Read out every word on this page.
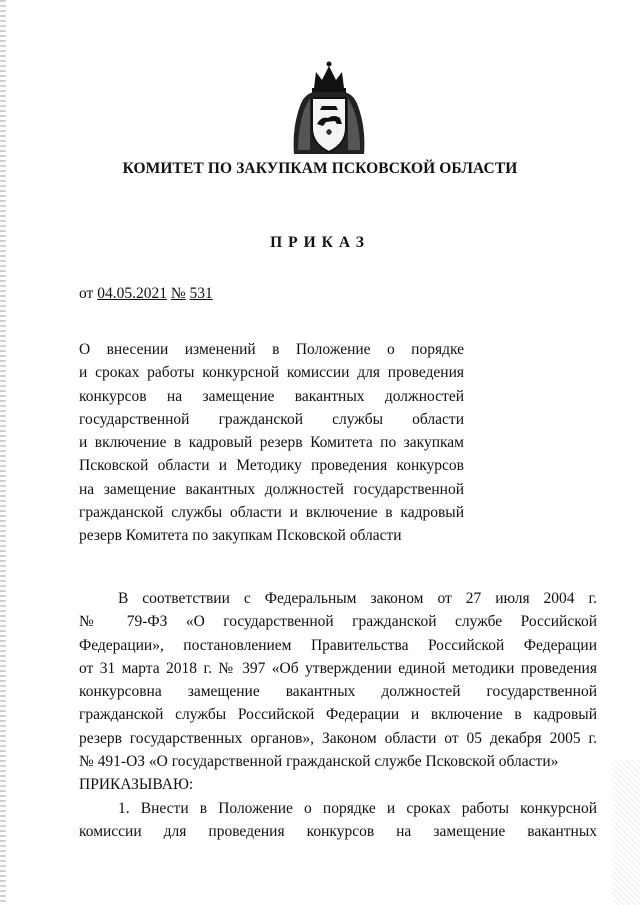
КОМИТЕТ ПО ЗАКУПКАМ ПСКОВСКОЙ ОБЛАСТИ
ПРИКАЗ
от 04.05.2021 № 531
О внесении изменений в Положение о порядке
и сроках работы конкурсной комиссии для проведения
конкурсов на замещение вакантных должностей
государственной гражданской службы области
и включение в кадровый резерв Комитета по закупкам
Псковской области и Методику проведения конкурсов
на замещение вакантных должностей государственной
гражданской службы области и включение в кадровый
резерв Комитета по закупкам Псковской области
В соответствии с Федеральным законом от 27 июля 2004 г.
№ 79-ФЗ «О государственной гражданской службе Российской
Федерации», постановлением Правительства Российской Федерации
от 31 марта 2018 г. № 397 «Об утверждении единой методики проведения
конкурсовна замещение вакантных должностей государственной
гражданской службы Российской Федерации и включение в кадровый
резерв государственных органов», Законом области от 05 декабря 2005 г.
№ 491-ОЗ «О государственной гражданской службе Псковской области»
ПРИКАЗЫВАЮ:
1. Внести в Положение о порядке и сроках работы конкурсной
комиссии для проведения конкурсов на замещение вакантных
